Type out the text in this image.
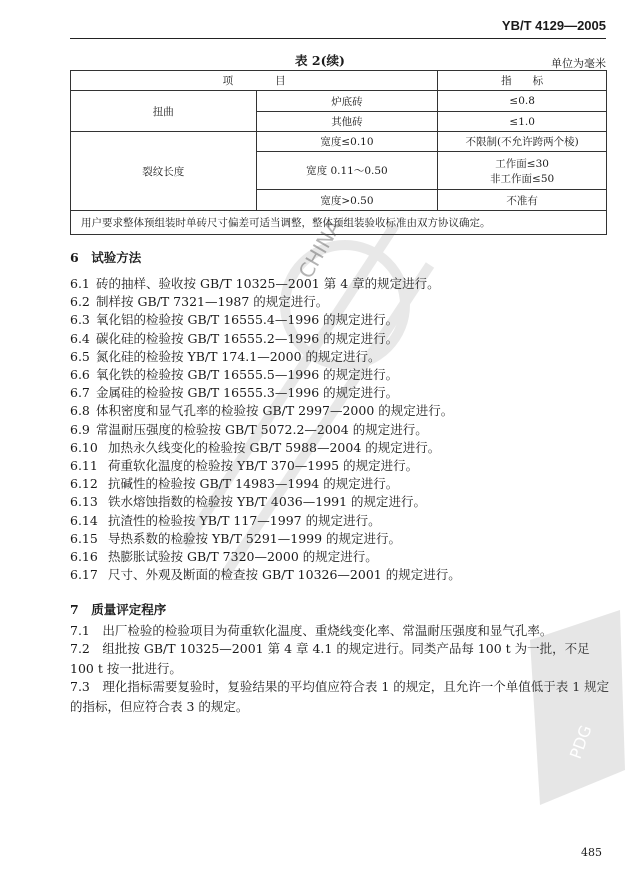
YB/T 4129—2005
表 2(续)	单位为毫米
项　　　　目		指　　标
扭曲	炉底砖	≤0.8
	其他砖	≤1.0
裂纹长度	宽度≤0.10	不限制(不允许跨两个棱)
	宽度 0.11～0.50	工作面≤30
非工作面≤50

	宽度>0.50	不准有
用户要求整体预组装时单砖尺寸偏差可适当调整，整体预组装验收标准由双方协议确定。		
6　试验方法
6.1 砖的抽样、验收按 GB/T 10325—2001 第 4 章的规定进行。
6.2 制样按 GB/T 7321—1987 的规定进行。
6.3 氧化铝的检验按 GB/T 16555.4—1996 的规定进行。
6.4 碳化硅的检验按 GB/T 16555.2—1996 的规定进行。
6.5 氮化硅的检验按 YB/T 174.1—2000 的规定进行。
6.6 氧化铁的检验按 GB/T 16555.5—1996 的规定进行。
6.7 金属硅的检验按 GB/T 16555.3—1996 的规定进行。
6.8 体积密度和显气孔率的检验按 GB/T 2997—2000 的规定进行。
6.9 常温耐压强度的检验按 GB/T 5072.2—2004 的规定进行。
6.10 加热永久线变化的检验按 GB/T 5988—2004 的规定进行。
6.11 荷重软化温度的检验按 YB/T 370—1995 的规定进行。
6.12 抗碱性的检验按 GB/T 14983—1994 的规定进行。
6.13 铁水熔蚀指数的检验按 YB/T 4036—1991 的规定进行。
6.14 抗渣性的检验按 YB/T 117—1997 的规定进行。
6.15 导热系数的检验按 YB/T 5291—1999 的规定进行。
6.16 热膨胀试验按 GB/T 7320—2000 的规定进行。
6.17 尺寸、外观及断面的检查按 GB/T 10326—2001 的规定进行。
7　质量评定程序
7.1　出厂检验的检验项目为荷重软化温度、重烧线变化率、常温耐压强度和显气孔率。
7.2　组批按 GB/T 10325—2001 第 4 章 4.1 的规定进行。同类产品每 100 t 为一批，不足 100 t 按一批进行。
7.3　理化指标需要复验时，复验结果的平均值应符合表 1 的规定，且允许一个单值低于表 1 规定的指标，但应符合表 3 的规定。
485
CHINA
PDG
